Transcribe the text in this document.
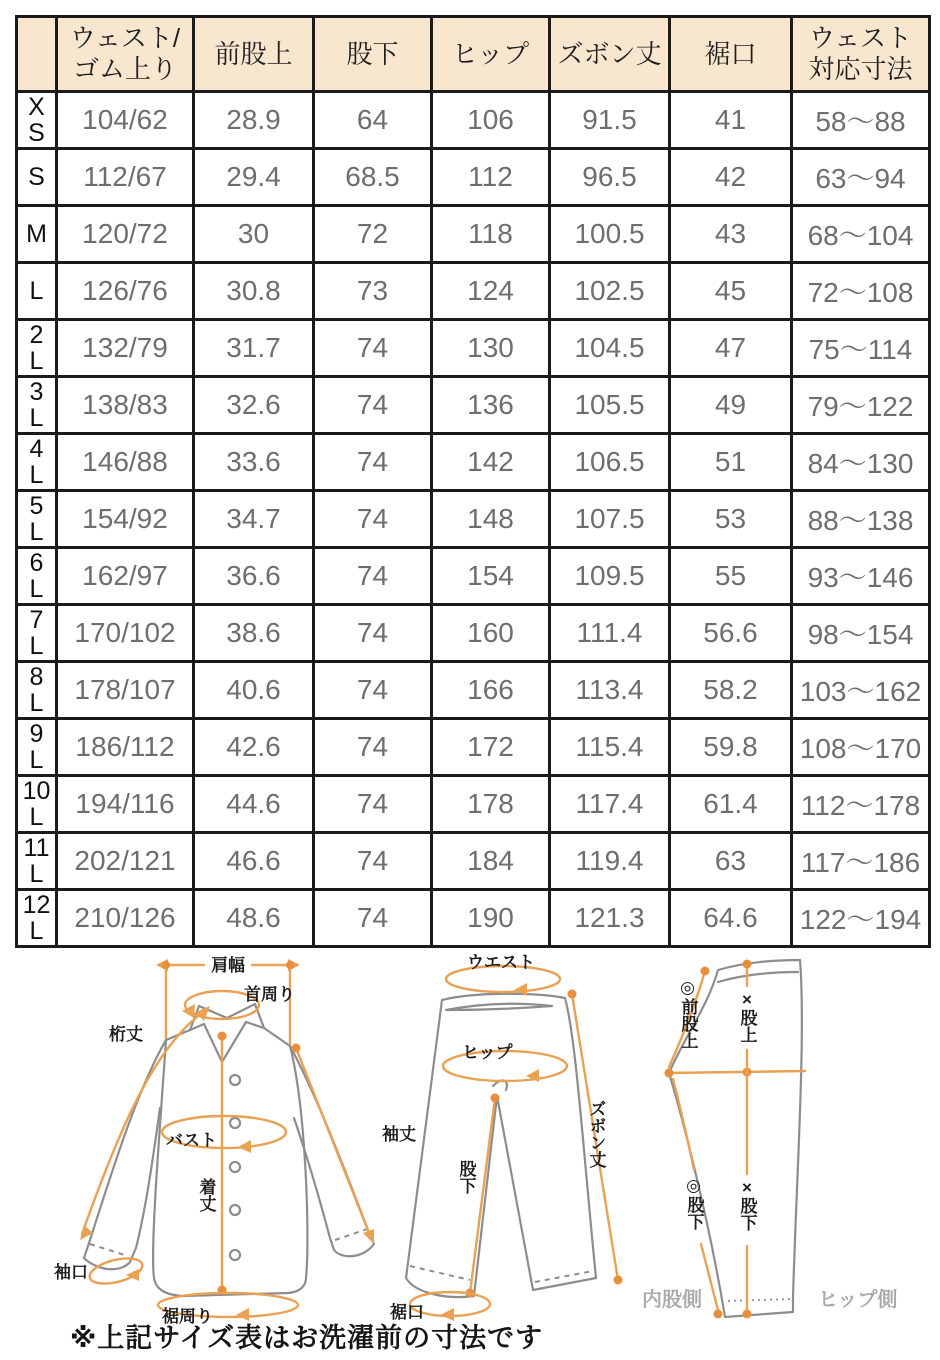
	ウェスト/
ゴム上り	前股上	股下	ヒップ	ズボン丈	裾口	ウェスト
対応寸法

X
S	104/62	28.9	64	106	91.5	41	58〜88

S	112/67	29.4	68.5	112	96.5	42	63〜94

M	120/72	30	72	118	100.5	43	68〜104

L	126/76	30.8	73	124	102.5	45	72〜108

2
L	132/79	31.7	74	130	104.5	47	75〜114

3
L	138/83	32.6	74	136	105.5	49	79〜122

4
L	146/88	33.6	74	142	106.5	51	84〜130

5
L	154/92	34.7	74	148	107.5	53	88〜138

6
L	162/97	36.6	74	154	109.5	55	93〜146

7
L	170/102	38.6	74	160	111.4	56.6	98〜154

8
L	178/107	40.6	74	166	113.4	58.2	103〜162

9
L	186/112	42.6	74	172	115.4	59.8	108〜170

10
L	194/116	44.6	74	178	117.4	61.4	112〜178

11
L	202/121	46.6	74	184	119.4	63	117〜186

12
L	210/126	48.6	74	190	121.3	64.6	122〜194
肩幅
首周り
桁丈
バスト
着丈
袖丈
袖口
裾周り
ウエスト
ヒップ
股下
ズボン丈
裾口
◎前股上 ×股上
◎股下 ×股下
内股側	ヒップ側
※上記サイズ表はお洗濯前の寸法です
